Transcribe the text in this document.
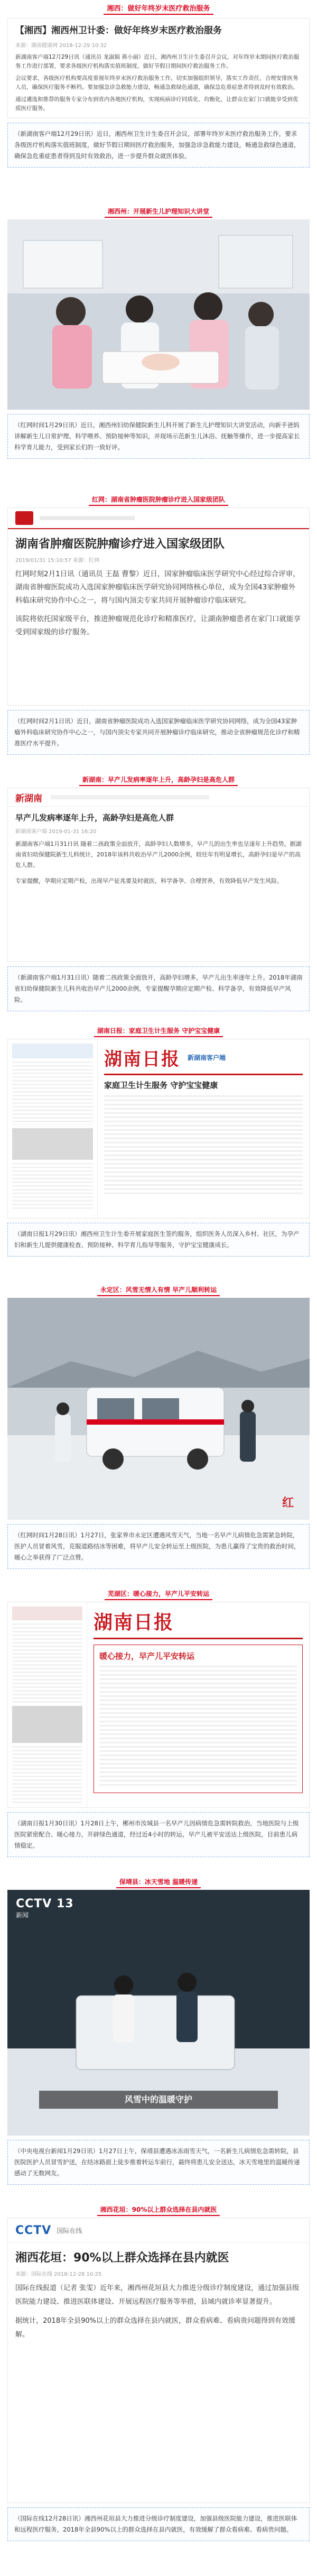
湘西：做好年终岁末医疗救治服务
【湘西】湘西州卫计委：做好年终岁末医疗救治服务
来源：湖南健康网 2018-12-29 10:32

新湖南客户端12月29日讯（通讯员 龙淑娟 蒋小丽）近日，湘西州卫生计生委召开会议，对年终岁末期间医疗救治服务工作进行部署，要求各级医疗机构落实值班制度，做好节假日期间医疗救治服务工作。

会议要求，各级医疗机构要高度重视年终岁末医疗救治服务工作，切实加强组织领导，落实工作责任，合理安排医务人员，确保医疗服务不断档。要加强急诊急救能力建设，畅通急救绿色通道，确保急危重症患者得到及时有效救治。

通过遴选和推荐的服务专家分布到省内各地医疗机构，实现疾病诊疗同质化、均衡化，让群众在家门口就能享受到优质医疗服务。

（新湖南客户端12月29日讯）近日，湘西州卫生计生委召开会议，部署年终岁末医疗救治服务工作，要求各级医疗机构落实值班制度，做好节假日期间医疗救治服务，加强急诊急救能力建设，畅通急救绿色通道，确保急危重症患者得到及时有效救治，进一步提升群众就医体验。

湘西州：开展新生儿护理知识大讲堂

（红网时间1月29日讯）近日，湘西州妇幼保健院新生儿科开展了新生儿护理知识大讲堂活动，向新手爸妈讲解新生儿日常护理、科学喂养、预防接种等知识，并现场示范新生儿沐浴、抚触等操作，进一步提高家长科学育儿能力，受到家长们的一致好评。

红网：湖南省肿瘤医院肿瘤诊疗进入国家级团队
湖南省肿瘤医院肿瘤诊疗进入国家级团队
2019/01/31 15:10:57 来源：红网

红网时刻2月1日讯（通讯员 王磊 曹黎）近日，国家肿瘤临床医学研究中心经过综合评审，湖南省肿瘤医院成功入选国家肿瘤临床医学研究协同网络核心单位，成为全国43家肿瘤外科临床研究协作中心之一，将与国内顶尖专家共同开展肿瘤诊疗临床研究。

该院将依托国家级平台，推进肿瘤规范化诊疗和精准医疗，让湖南肿瘤患者在家门口就能享受到国家级的诊疗服务。

（红网时间2月1日讯）近日，湖南省肿瘤医院成功入选国家肿瘤临床医学研究协同网络，成为全国43家肿瘤外科临床研究协作中心之一，与国内顶尖专家共同开展肿瘤诊疗临床研究，推动全省肿瘤规范化诊疗和精准医疗水平提升。

新湖南：早产儿发病率逐年上升，高龄孕妇是高危人群
新湖南
早产儿发病率逐年上升，高龄孕妇是高危人群
新湖南客户端 2019-01-31 16:20

新湖南客户端1月31日讯 随着二孩政策全面放开，高龄孕妇人数增多，早产儿的出生率也呈逐年上升趋势。据湖南省妇幼保健院新生儿科统计，2018年该科共收治早产儿2000余例，较往年有明显增长，高龄孕妇是早产的高危人群。

专家提醒，孕期应定期产检，出现早产征兆要及时就医，科学备孕、合理营养，有效降低早产发生风险。

（新湖南客户端1月31日讯）随着二孩政策全面放开，高龄孕妇增多，早产儿出生率逐年上升。2018年湖南省妇幼保健院新生儿科共收治早产儿2000余例，专家提醒孕期应定期产检、科学备孕，有效降低早产风险。

湖南日报：家庭卫生计生服务 守护宝宝健康
湖南日报 新湖南客户端
家庭卫生计生服务 守护宝宝健康

（湖南日报1月29日讯）湘西州卫生计生委开展家庭医生签约服务，组织医务人员深入乡村、社区，为孕产妇和新生儿提供健康检查、预防接种、科学育儿指导等服务，守护宝宝健康成长。

永定区：风雪无情人有情 早产儿顺利转运
红

（红网时间1月28日讯）1月27日，张家界市永定区遭遇风雪天气，当地一名早产儿病情危急需紧急转院，医护人员冒着风雪，克服道路结冰等困难，将早产儿安全转运至上级医院，为患儿赢得了宝贵的救治时间，暖心之举获得了广泛点赞。

芜湖区：暖心接力，早产儿平安转运
湖南日报
暖心接力，早产儿平安转运

（湖南日报1月30日讯）1月28日上午，郴州市汝城县一名早产儿因病情危急需转院救治，当地医院与上级医院紧密配合、暖心接力，开辟绿色通道，经过近4小时的转运，早产儿被平安送达上级医院，目前患儿病情稳定。

保靖县：冰天雪地 温暖传递
CCTV 13
新闻
风雪中的温暖守护

（中央电视台新闻1月29日讯）1月27日上午，保靖县遭遇冰冻雨雪天气，一名新生儿病情危急需转院，县医院医护人员冒雪护送，在结冰路面上徒步推着转运车前行，最终将患儿安全送达，冰天雪地里的温暖传递感动了无数网友。

湘西花垣：90%以上群众选择在县内就医
CCTV 国际在线
湘西花垣：90%以上群众选择在县内就医
来源：国际在线 2018-12-28 10:25

国际在线报道（记者 张雯）近年来，湘西州花垣县大力推进分级诊疗制度建设，通过加强县级医院能力建设、推进医联体建设、开展远程医疗服务等举措，县域内就诊率显著提升。

据统计，2018年全县90%以上的群众选择在县内就医，群众看病难、看病贵问题得到有效缓解。

（国际在线12月28日讯）湘西州花垣县大力推进分级诊疗制度建设，加强县级医院能力建设，推进医联体和远程医疗服务，2018年全县90%以上的群众选择在县内就医，有效缓解了群众看病难、看病贵问题。
